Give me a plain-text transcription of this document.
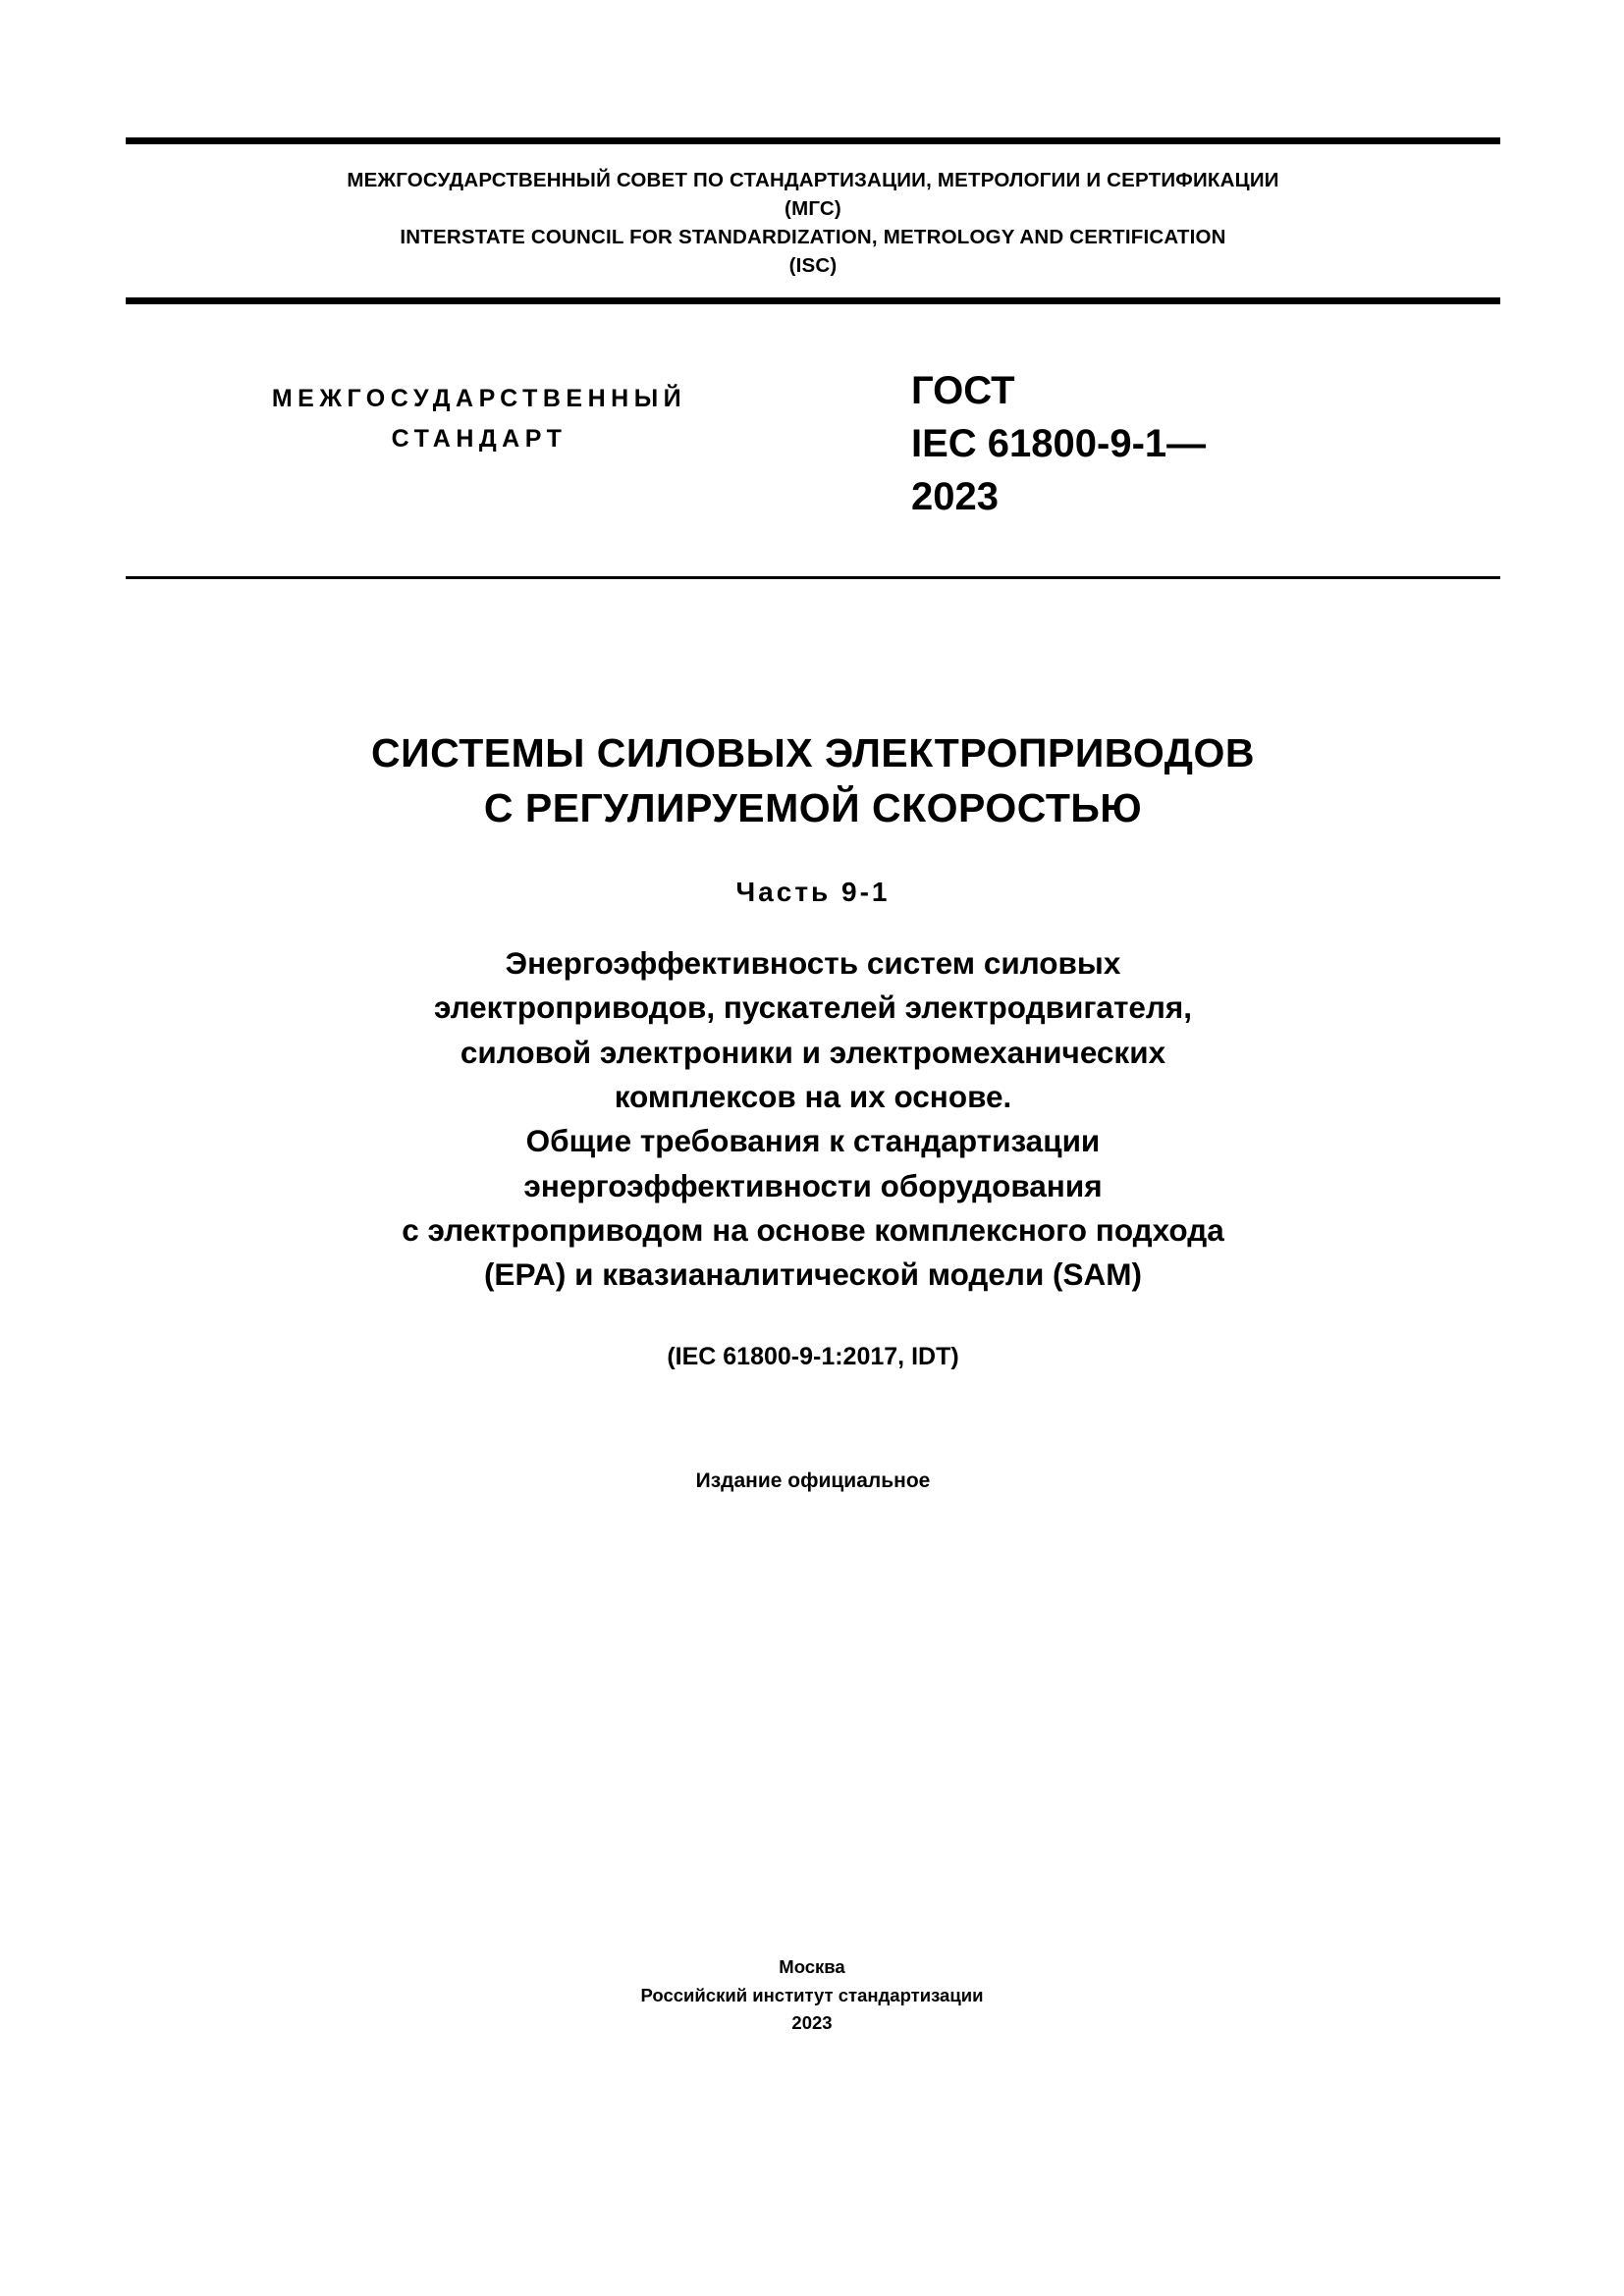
МЕЖГОСУДАРСТВЕННЫЙ СОВЕТ ПО СТАНДАРТИЗАЦИИ, МЕТРОЛОГИИ И СЕРТИФИКАЦИИ
(МГС)
INTERSTATE COUNCIL FOR STANDARDIZATION, METROLOGY AND CERTIFICATION
(ISC)
МЕЖГОСУДАРСТВЕННЫЙ
СТАНДАРТ
ГОСТ
IEC 61800-9-1—
2023
СИСТЕМЫ СИЛОВЫХ ЭЛЕКТРОПРИВОДОВ
С РЕГУЛИРУЕМОЙ СКОРОСТЬЮ
Часть 9-1
Энергоэффективность систем силовых
электроприводов, пускателей электродвигателя,
силовой электроники и электромеханических
комплексов на их основе.
Общие требования к стандартизации
энергоэффективности оборудования
с электроприводом на основе комплексного подхода
(EPA) и квазианалитической модели (SAM)
(IEC 61800-9-1:2017, IDT)
Издание официальное
Москва
Российский институт стандартизации
2023
